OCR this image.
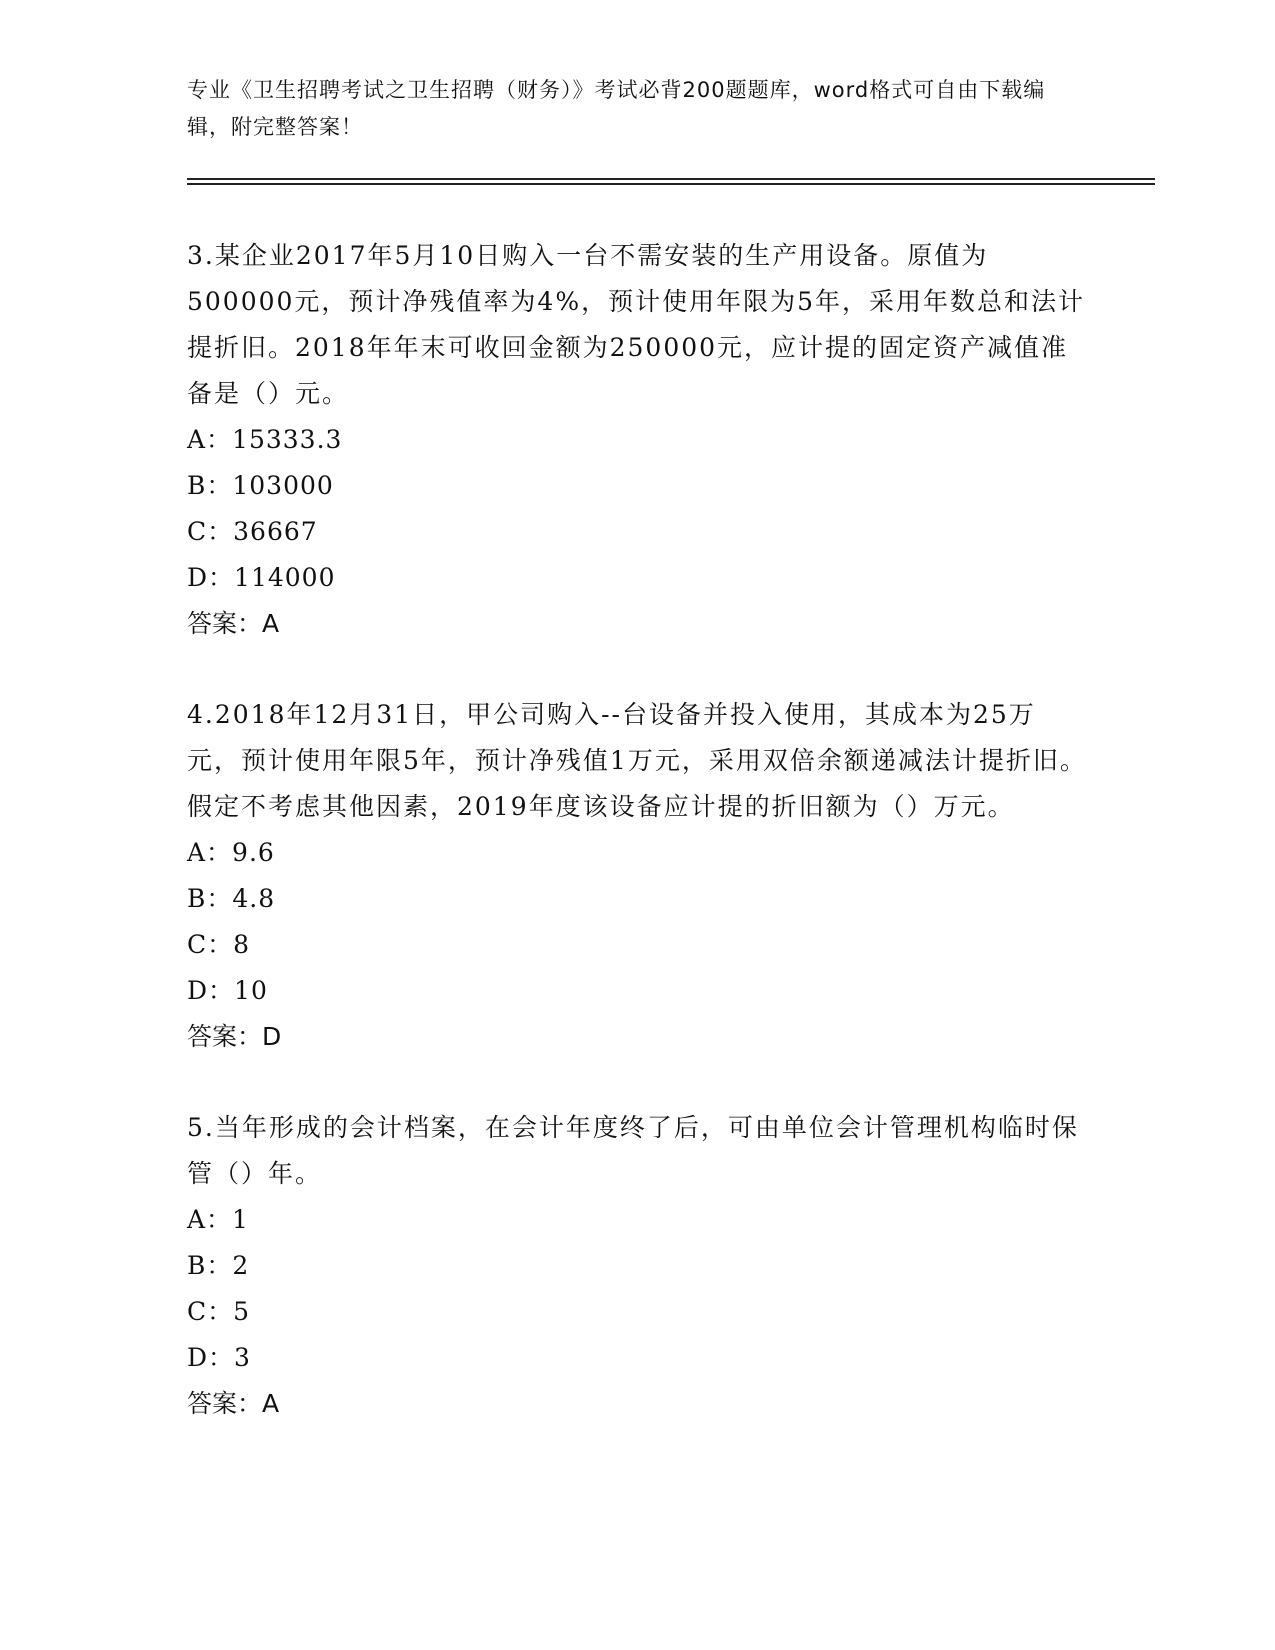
专业《卫生招聘考试之卫生招聘（财务）》考试必背200题题库，word格式可自由下载编辑，附完整答案！

3.某企业2017年5月10日购入一台不需安装的生产用设备。原值为500000元，预计净残值率为4%，预计使用年限为5年，采用年数总和法计提折旧。2018年年末可收回金额为250000元，应计提的固定资产减值准备是（）元。

A：15333.3

B：103000

C：36667

D：114000

答案：A

4.2018年12月31日，甲公司购入--台设备并投入使用，其成本为25万元，预计使用年限5年，预计净残值1万元，采用双倍余额递减法计提折旧。假定不考虑其他因素，2019年度该设备应计提的折旧额为（）万元。

A：9.6

B：4.8

C：8

D：10

答案：D

5.当年形成的会计档案，在会计年度终了后，可由单位会计管理机构临时保管（）年。

A：1

B：2

C：5

D：3

答案：A
